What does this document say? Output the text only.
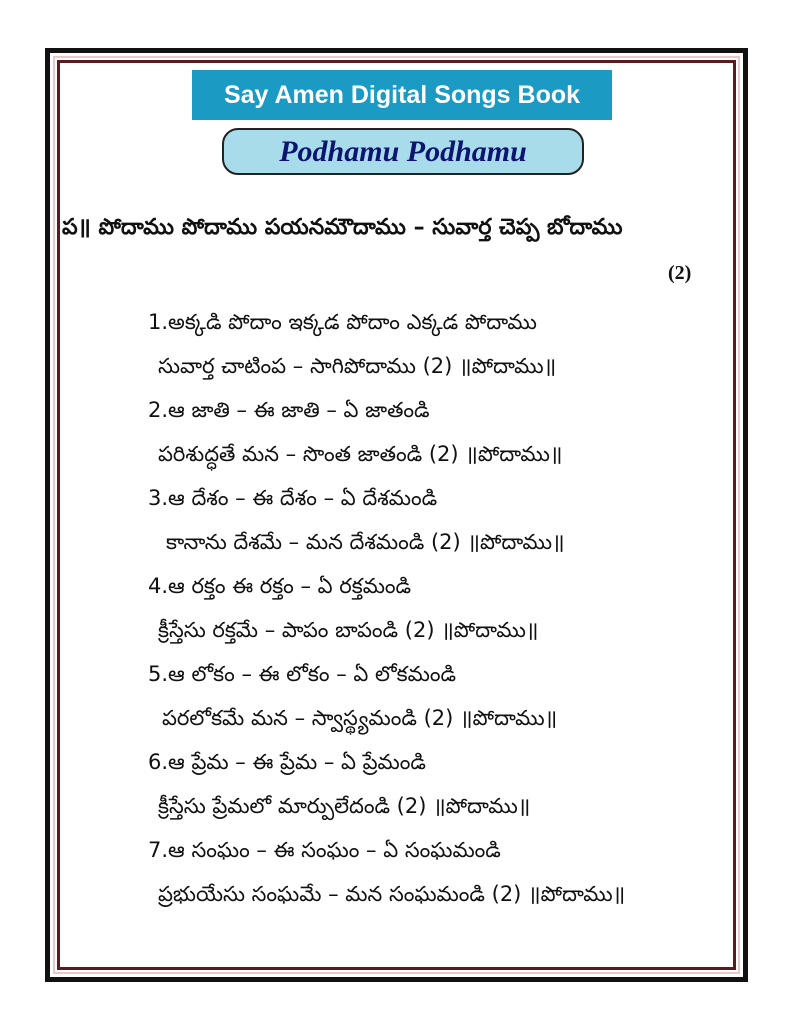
Say Amen Digital Songs Book
Podhamu Podhamu
ప॥ పోదాము పోదాము పయనమౌదాము – సువార్త చెప్ప బోదాము
(2)
1.అక్కడి పోదాం ఇక్కడ పోదాం ఎక్కడ పోదాము
సువార్త చాటింప – సాగిపోదాము (2) ॥పోదాము॥
2.ఆ జాతి – ఈ జాతి – ఏ జాతండి
పరిశుద్ధతే మన – సొంత జాతండి (2) ॥పోదాము॥
3.ఆ దేశం – ఈ దేశం – ఏ దేశమండి
కానాను దేశమే – మన దేశమండి (2) ॥పోదాము॥
4.ఆ రక్తం ఈ రక్తం – ఏ రక్తమండి
క్రీస్తేసు రక్తమే – పాపం బాపండి (2) ॥పోదాము॥
5.ఆ లోకం – ఈ లోకం – ఏ లోకమండి
పరలోకమే మన – స్వాస్థ్యమండి (2) ॥పోదాము॥
6.ఆ ప్రేమ – ఈ ప్రేమ – ఏ ప్రేమండి
క్రీస్తేసు ప్రేమలో మార్పులేదండి (2) ॥పోదాము॥
7.ఆ సంఘం – ఈ సంఘం – ఏ సంఘమండి
ప్రభుయేసు సంఘమే – మన సంఘమండి (2) ॥పోదాము॥
